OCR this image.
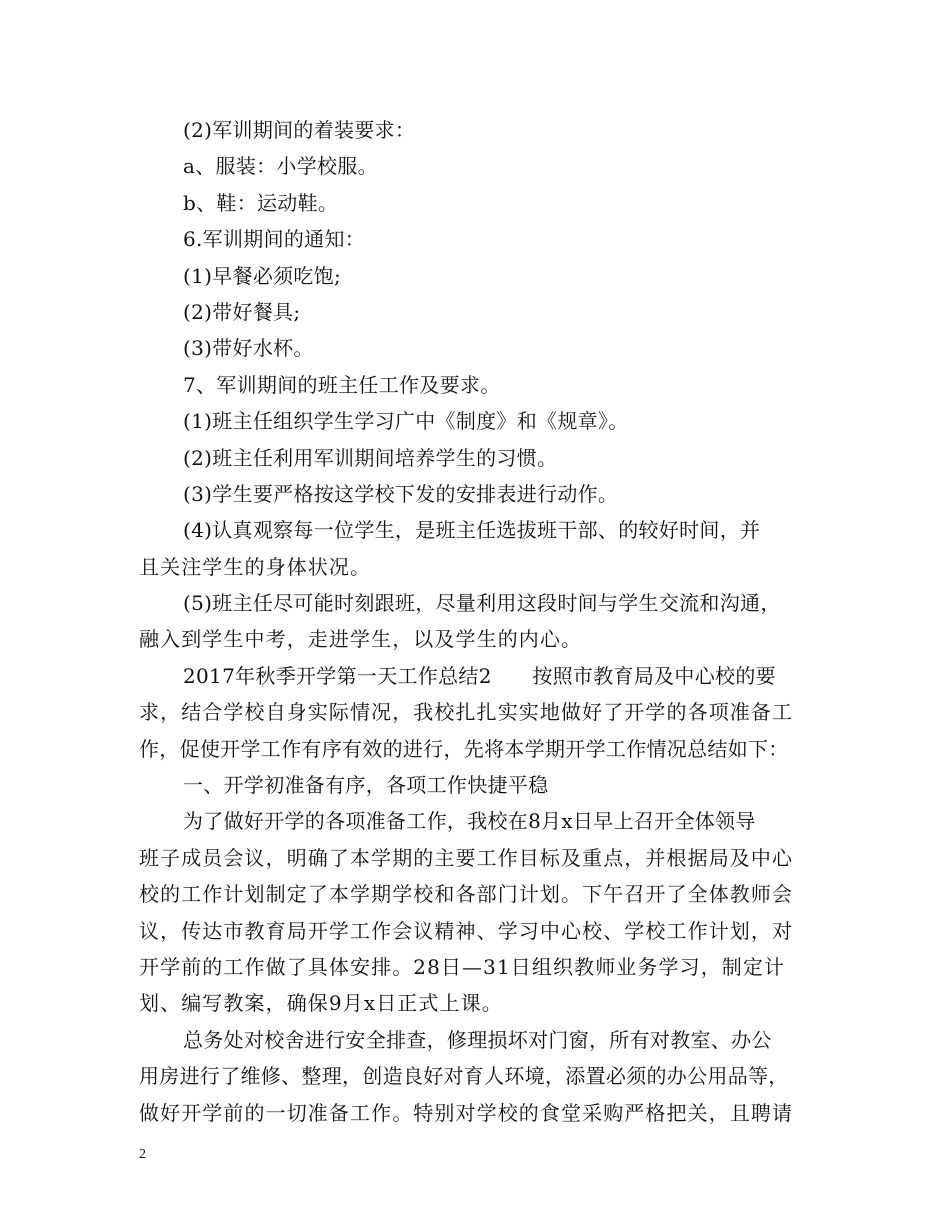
(2)军训期间的着装要求：
a、服装：小学校服。
b、鞋：运动鞋。
6.军训期间的通知：
(1)早餐必须吃饱;
(2)带好餐具;
(3)带好水杯。
7、军训期间的班主任工作及要求。
(1)班主任组织学生学习广中《制度》和《规章》。
(2)班主任利用军训期间培养学生的习惯。
(3)学生要严格按这学校下发的安排表进行动作。
(4)认真观察每一位学生，是班主任选拔班干部、的较好时间，并
且关注学生的身体状况。
(5)班主任尽可能时刻跟班，尽量利用这段时间与学生交流和沟通，
融入到学生中考，走进学生，以及学生的内心。
2017年秋季开学第一天工作总结2　　按照市教育局及中心校的要
求，结合学校自身实际情况，我校扎扎实实地做好了开学的各项准备工
作，促使开学工作有序有效的进行，先将本学期开学工作情况总结如下：
一、开学初准备有序，各项工作快捷平稳
为了做好开学的各项准备工作，我校在8月x日早上召开全体领导
班子成员会议，明确了本学期的主要工作目标及重点，并根据局及中心
校的工作计划制定了本学期学校和各部门计划。下午召开了全体教师会
议，传达市教育局开学工作会议精神、学习中心校、学校工作计划，对
开学前的工作做了具体安排。28日—31日组织教师业务学习，制定计
划、编写教案，确保9月x日正式上课。
总务处对校舍进行安全排查，修理损坏对门窗，所有对教室、办公
用房进行了维修、整理，创造良好对育人环境，添置必须的办公用品等，
做好开学前的一切准备工作。特别对学校的食堂采购严格把关，且聘请
2
